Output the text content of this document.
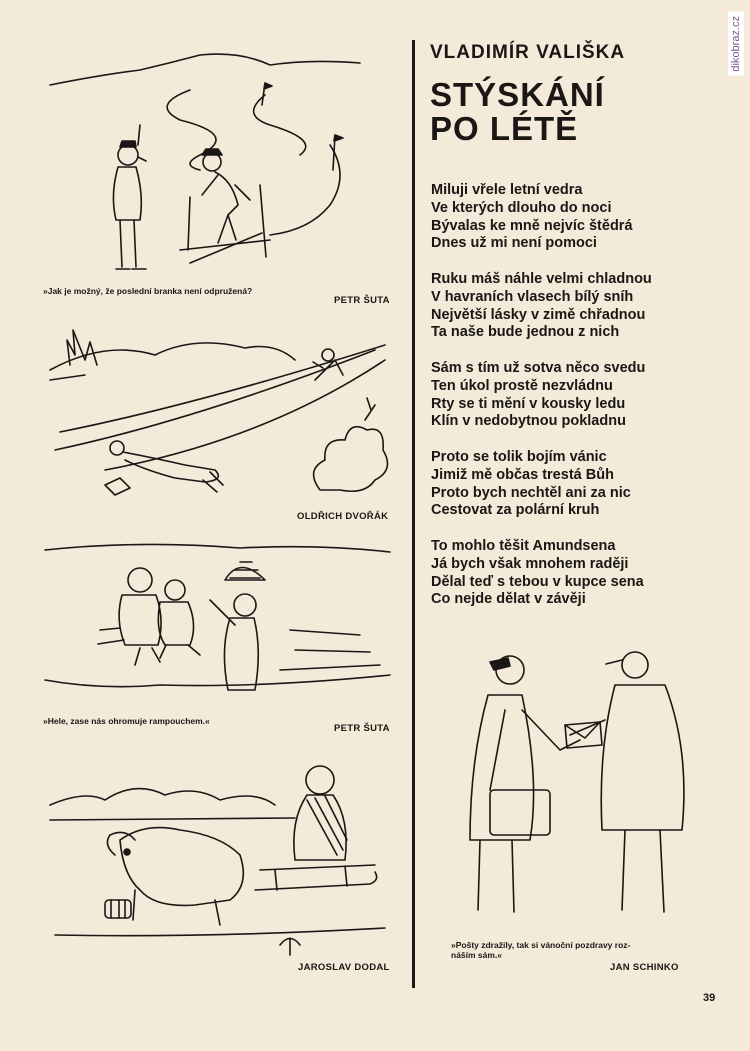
dikobraz.cz
VLADIMÍR VALIŠKA
STÝSKÁNÍ
PO LÉTĚ
Miluji vřele letní vedra
Ve kterých dlouho do noci
Bývalas ke mně nejvíc štědrá
Dnes už mi není pomoci
Ruku máš náhle velmi chladnou
V havraních vlasech bílý sníh
Největší lásky v zimě chřadnou
Ta naše bude jednou z nich
Sám s tím už sotva něco svedu
Ten úkol prostě nezvládnu
Rty se ti mění v kousky ledu
Klín v nedobytnou pokladnu
Proto se tolik bojím vánic
Jimiž mě občas trestá Bůh
Proto bych nechtěl ani za nic
Cestovat za polární kruh
To mohlo těšit Amundsena
Já bych však mnohem raději
Dělal teď s tebou v kupce sena
Co nejde dělat v závěji
»Jak je možný, že poslední branka není odpružená?
PETR ŠUTA
OLDŘICH DVOŘÁK
»Hele, zase nás ohromuje rampouchem.«
PETR ŠUTA
JAROSLAV DODAL
»Pošty zdražily, tak si vánoční pozdravy roz-
náším sám.«
JAN SCHINKO
39
